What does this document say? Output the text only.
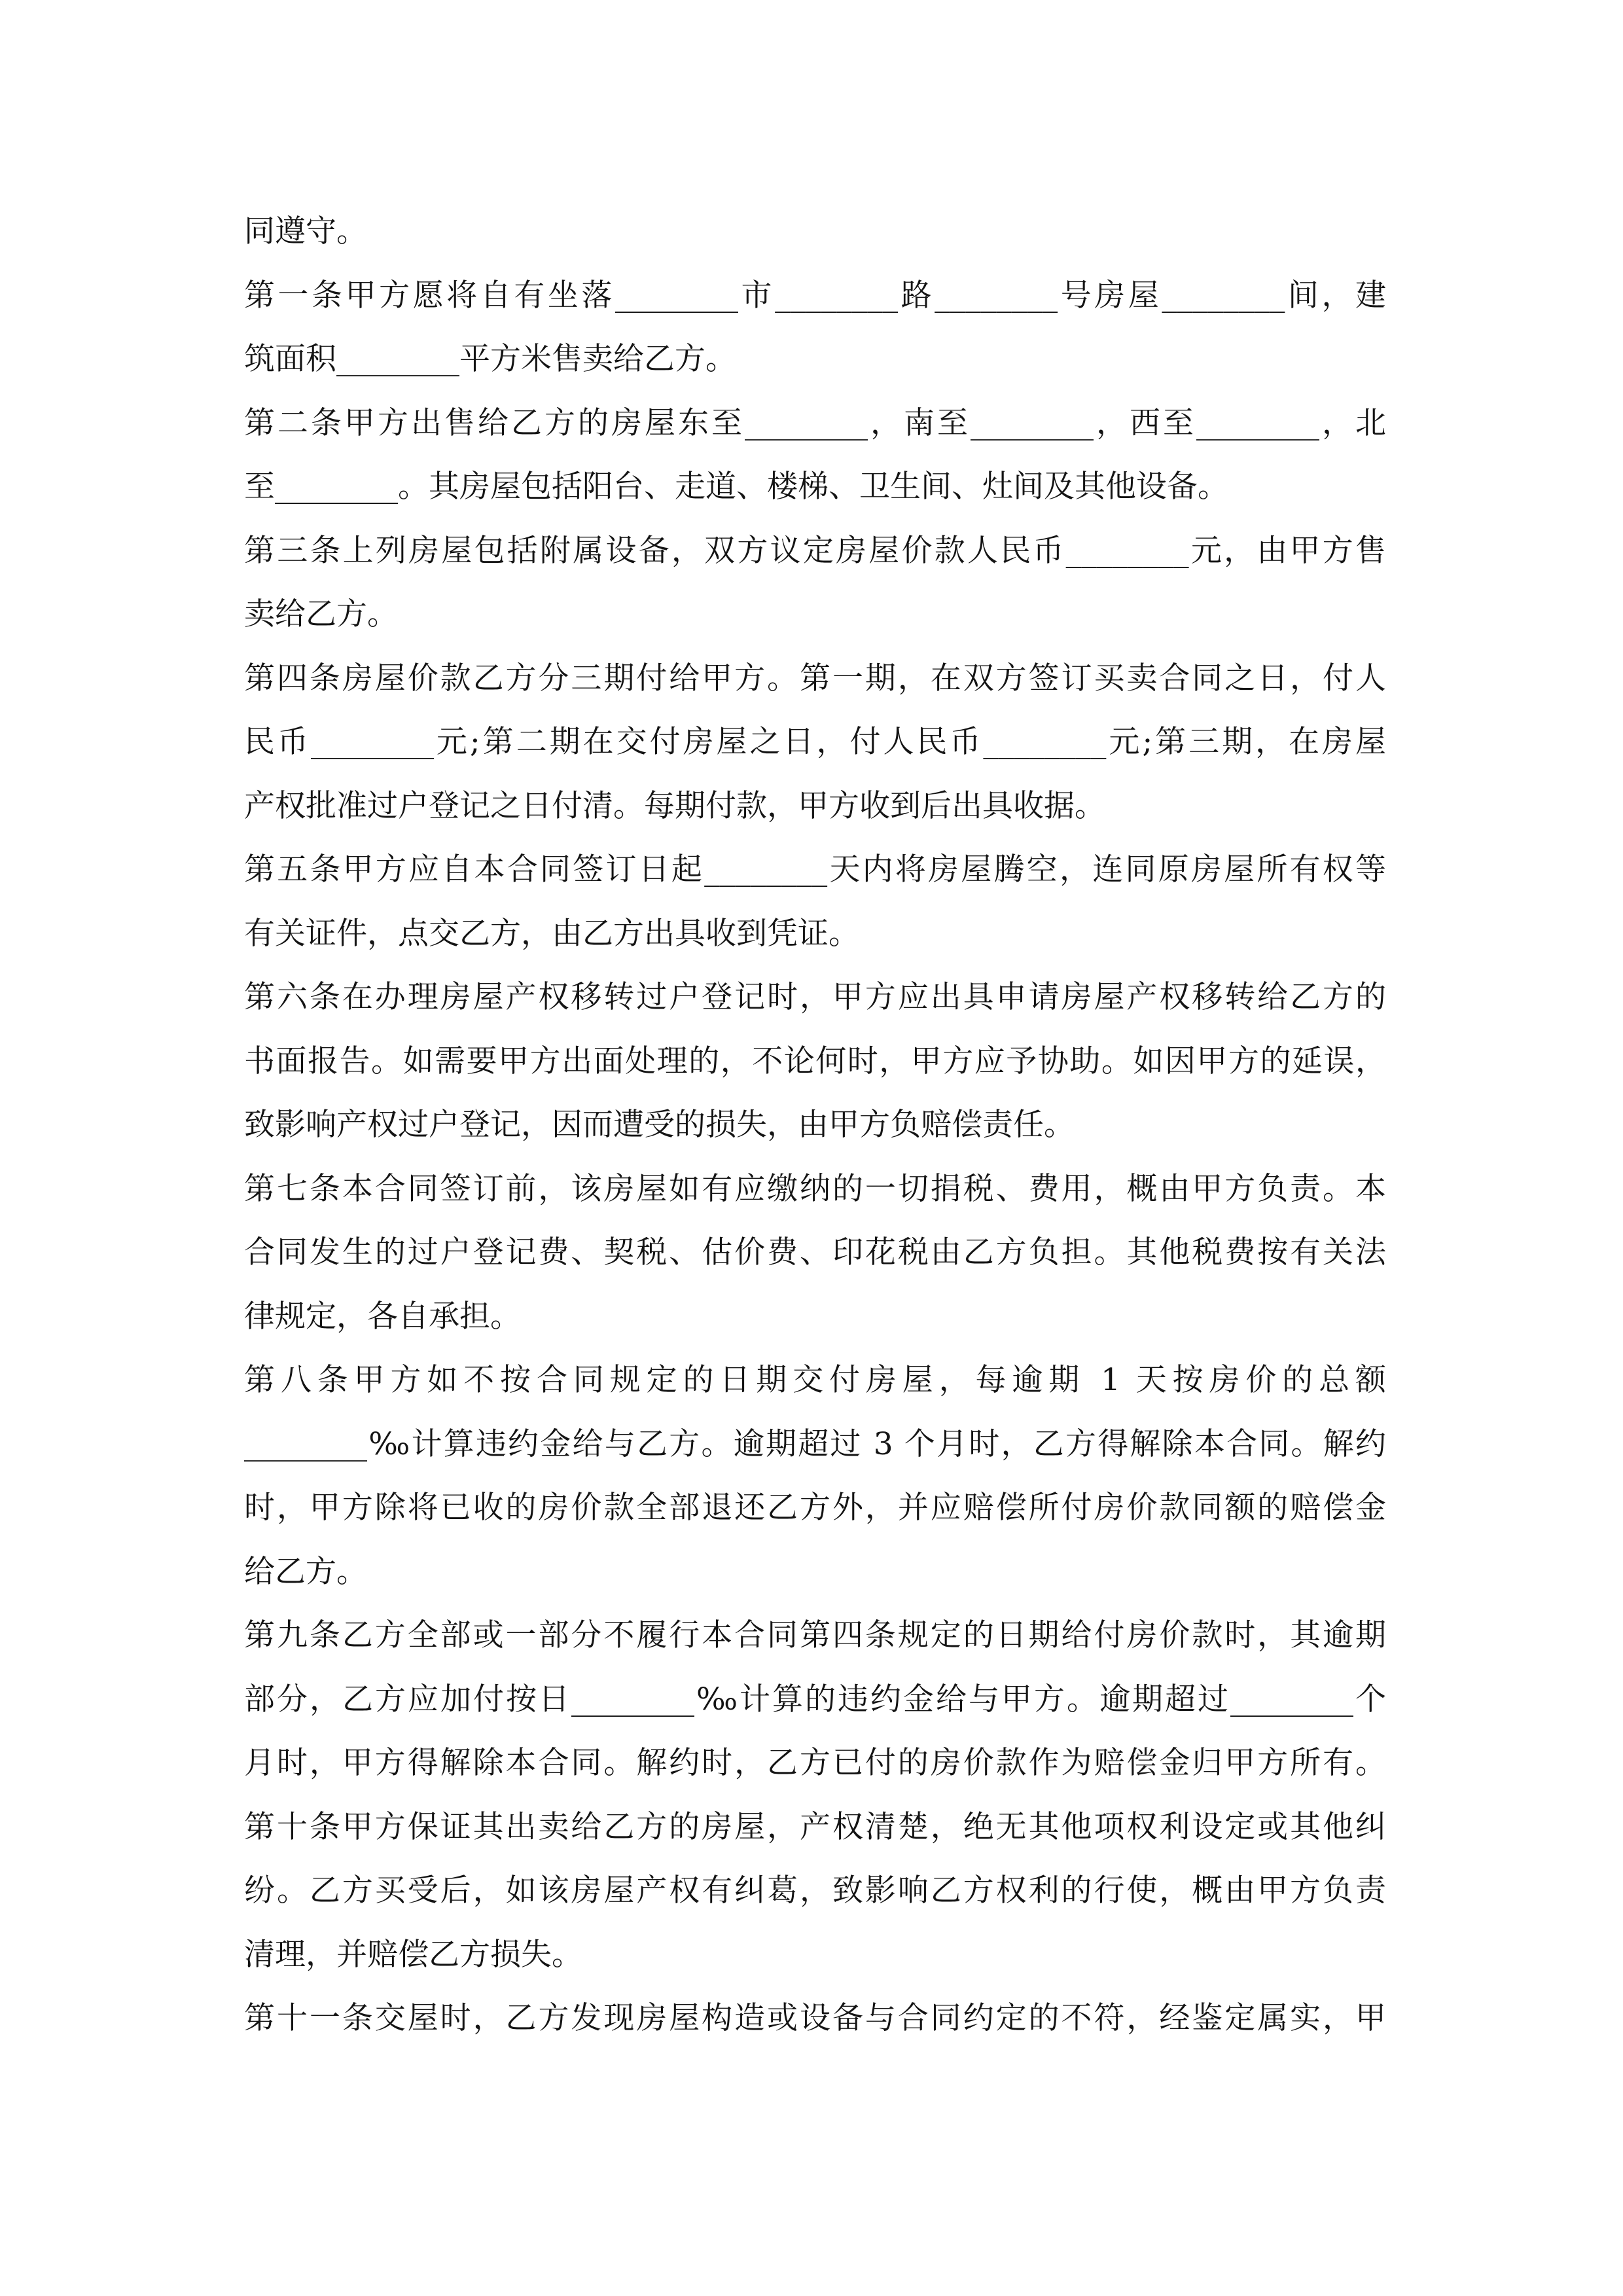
同遵守。
第一条甲方愿将自有坐落________市________路________号房屋________间，建
筑面积________平方米售卖给乙方。
第二条甲方出售给乙方的房屋东至________，南至________，西至________，北
至________。其房屋包括阳台、走道、楼梯、卫生间、灶间及其他设备。
第三条上列房屋包括附属设备，双方议定房屋价款人民币________元，由甲方售
卖给乙方。
第四条房屋价款乙方分三期付给甲方。第一期，在双方签订买卖合同之日，付人
民币________元;第二期在交付房屋之日，付人民币________元;第三期，在房屋
产权批准过户登记之日付清。每期付款，甲方收到后出具收据。
第五条甲方应自本合同签订日起________天内将房屋腾空，连同原房屋所有权等
有关证件，点交乙方，由乙方出具收到凭证。
第六条在办理房屋产权移转过户登记时，甲方应出具申请房屋产权移转给乙方的
书面报告。如需要甲方出面处理的，不论何时，甲方应予协助。如因甲方的延误，
致影响产权过户登记，因而遭受的损失，由甲方负赔偿责任。
第七条本合同签订前，该房屋如有应缴纳的一切捐税、费用，概由甲方负责。本
合同发生的过户登记费、契税、估价费、印花税由乙方负担。其他税费按有关法
律规定，各自承担。
第八条甲方如不按合同规定的日期交付房屋，每逾期 1 天按房价的总额
________‰计算违约金给与乙方。逾期超过 3 个月时，乙方得解除本合同。解约
时，甲方除将已收的房价款全部退还乙方外，并应赔偿所付房价款同额的赔偿金
给乙方。
第九条乙方全部或一部分不履行本合同第四条规定的日期给付房价款时，其逾期
部分，乙方应加付按日________‰计算的违约金给与甲方。逾期超过________个
月时，甲方得解除本合同。解约时，乙方已付的房价款作为赔偿金归甲方所有。
第十条甲方保证其出卖给乙方的房屋，产权清楚，绝无其他项权利设定或其他纠
纷。乙方买受后，如该房屋产权有纠葛，致影响乙方权利的行使，概由甲方负责
清理，并赔偿乙方损失。
第十一条交屋时，乙方发现房屋构造或设备与合同约定的不符，经鉴定属实，甲
